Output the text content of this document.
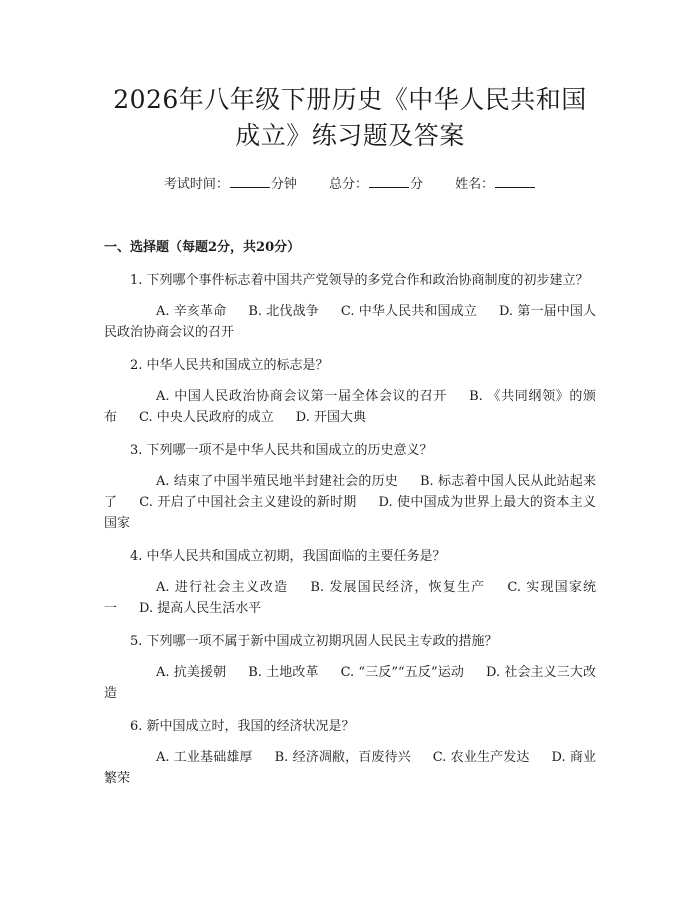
2026年八年级下册历史《中华人民共和国成立》练习题及答案
考试时间：	分钟 总分：	分 姓名：
一、选择题（每题2分，共20分）

1. 下列哪个事件标志着中国共产党领导的多党合作和政治协商制度的初步建立？

A. 辛亥革命 B. 北伐战争 C. 中华人民共和国成立 D. 第一届中国人民政治协商会议的召开

2. 中华人民共和国成立的标志是？

A. 中国人民政治协商会议第一届全体会议的召开 B. 《共同纲领》的颁布 C. 中央人民政府的成立 D. 开国大典

3. 下列哪一项不是中华人民共和国成立的历史意义？

A. 结束了中国半殖民地半封建社会的历史 B. 标志着中国人民从此站起来了 C. 开启了中国社会主义建设的新时期 D. 使中国成为世界上最大的资本主义国家

4. 中华人民共和国成立初期，我国面临的主要任务是？

A. 进行社会主义改造 B. 发展国民经济，恢复生产 C. 实现国家统一 D. 提高人民生活水平

5. 下列哪一项不属于新中国成立初期巩固人民民主专政的措施？

A. 抗美援朝 B. 土地改革 C. “三反”“五反”运动 D. 社会主义三大改造

6. 新中国成立时，我国的经济状况是？

A. 工业基础雄厚 B. 经济凋敝，百废待兴 C. 农业生产发达 D. 商业繁荣
